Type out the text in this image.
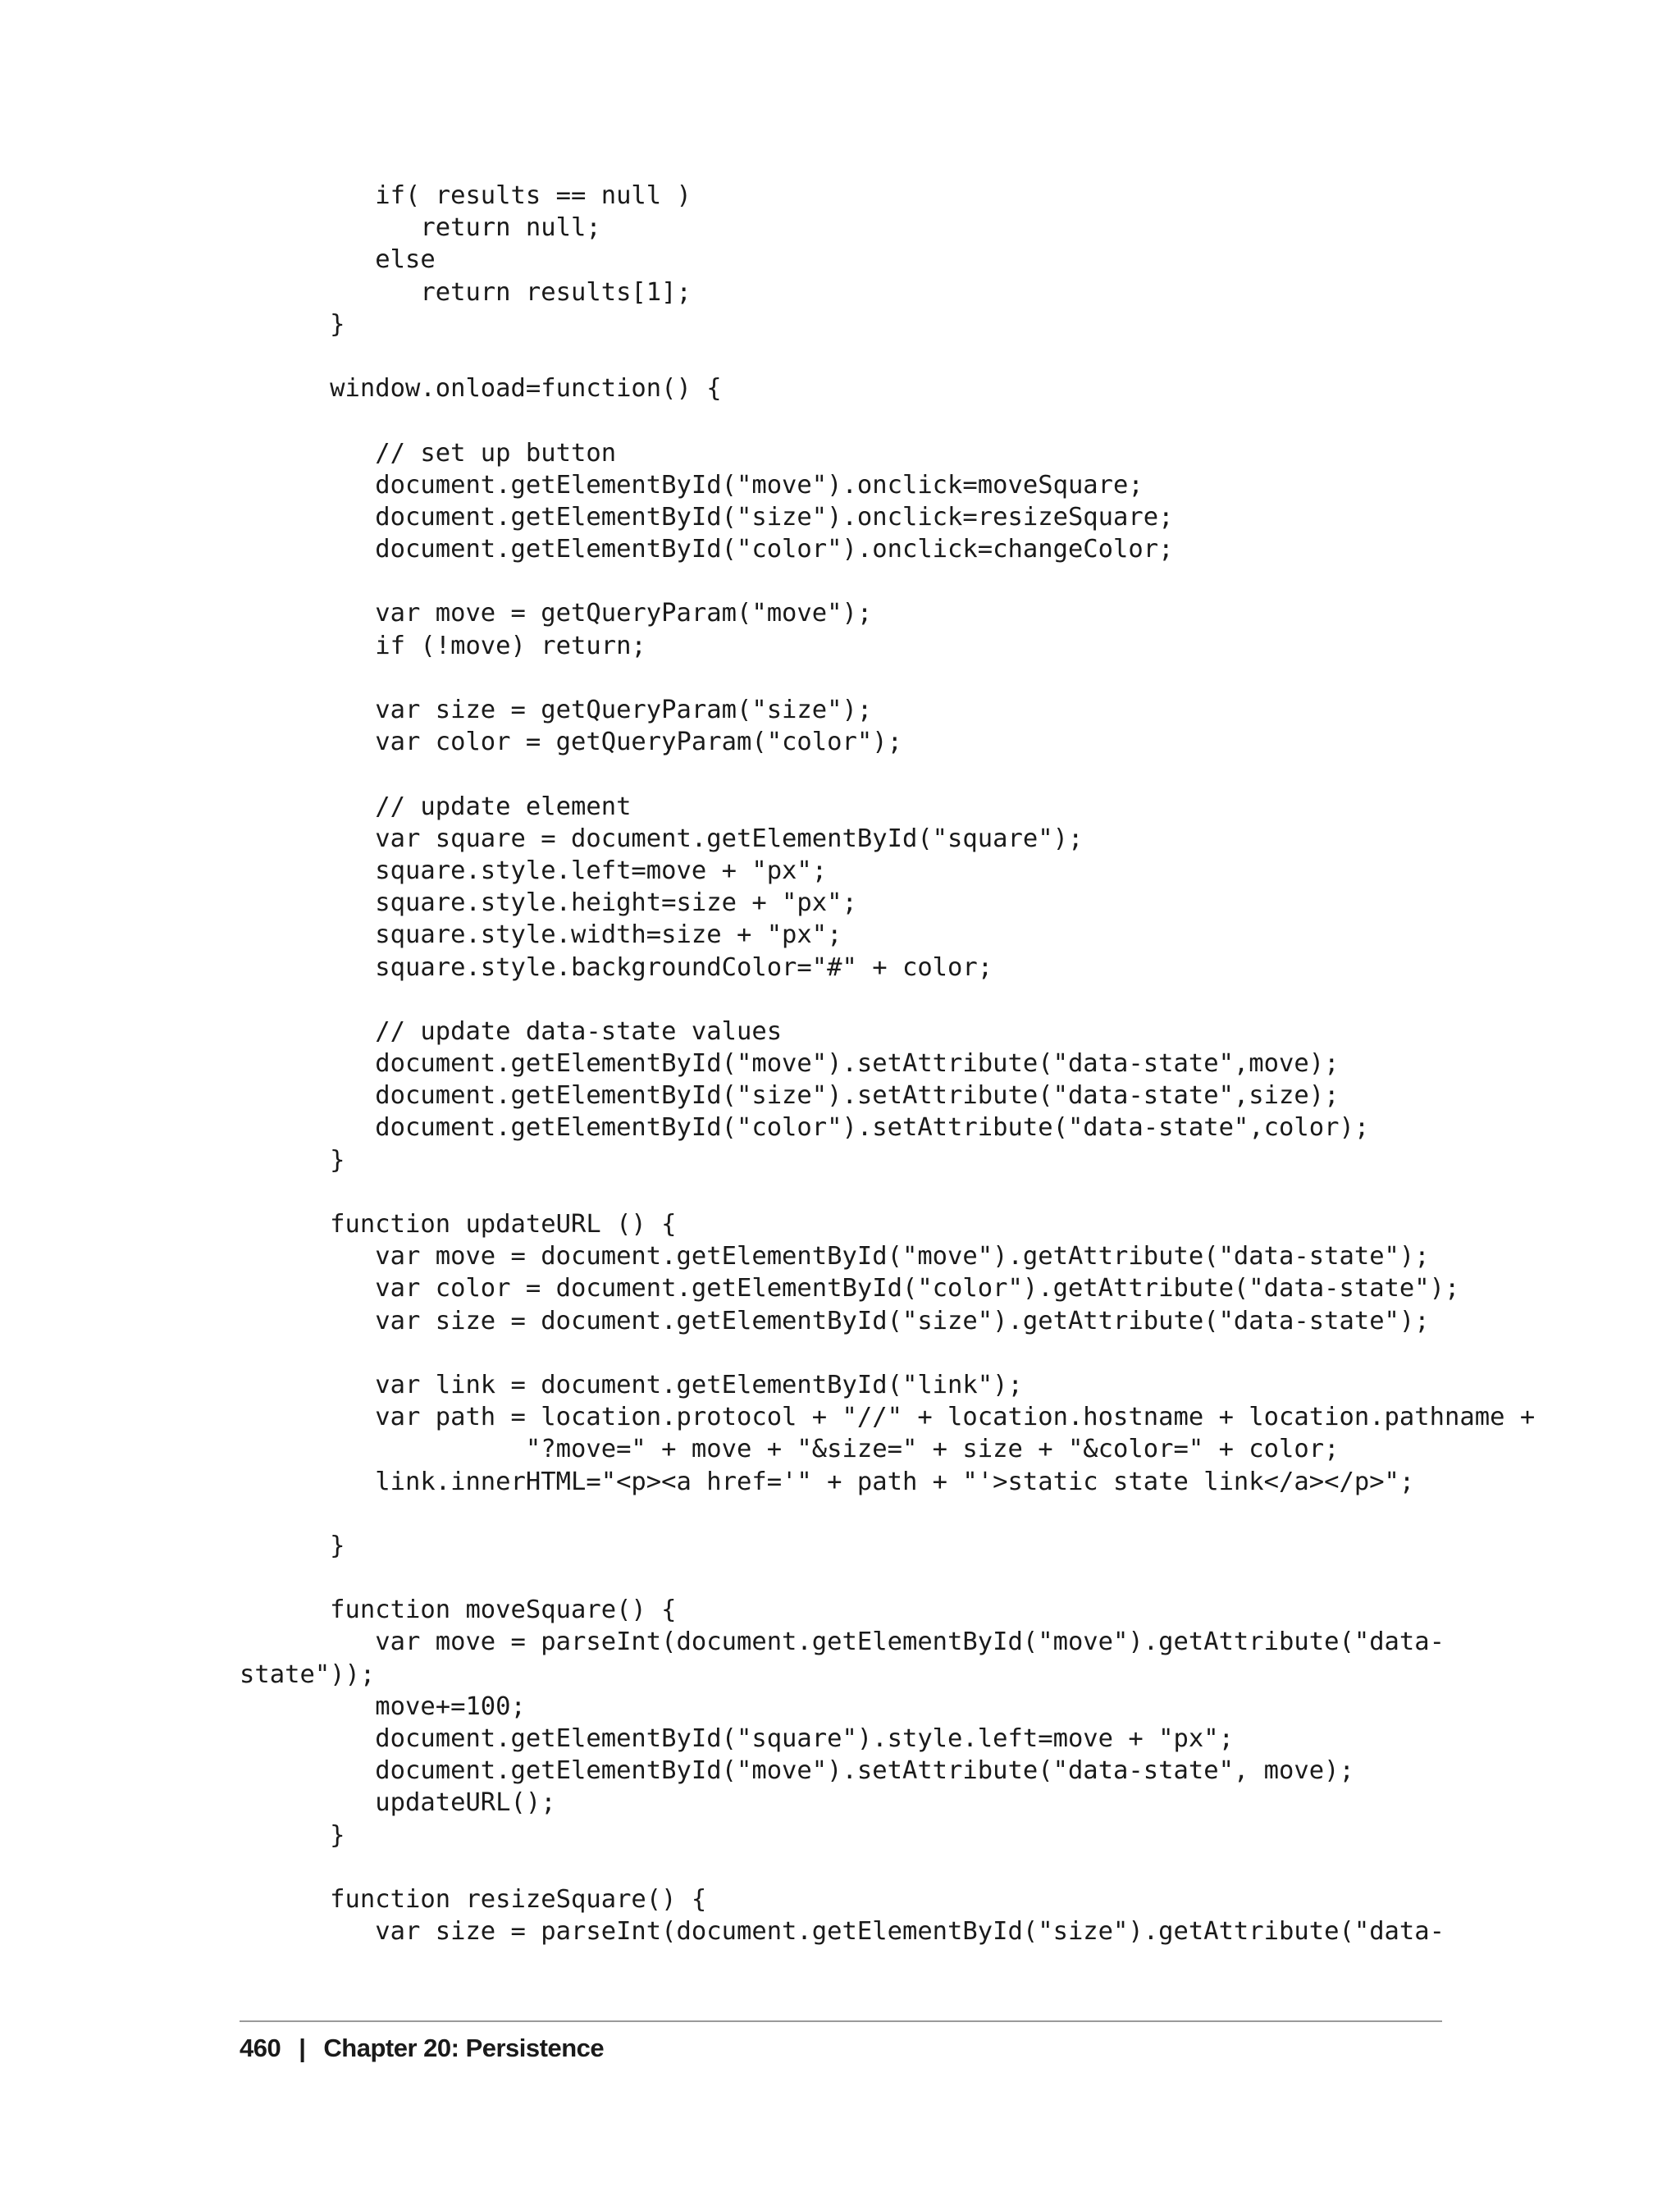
if( results == null )
return null;
else
return results[1];
}
window.onload=function() {
// set up button
document.getElementById("move").onclick=moveSquare;
document.getElementById("size").onclick=resizeSquare;
document.getElementById("color").onclick=changeColor;
var move = getQueryParam("move");
if (!move) return;
var size = getQueryParam("size");
var color = getQueryParam("color");
// update element
var square = document.getElementById("square");
square.style.left=move + "px";
square.style.height=size + "px";
square.style.width=size + "px";
square.style.backgroundColor="#" + color;
// update data-state values
document.getElementById("move").setAttribute("data-state",move);
document.getElementById("size").setAttribute("data-state",size);
document.getElementById("color").setAttribute("data-state",color);
}
function updateURL () {
var move = document.getElementById("move").getAttribute("data-state");
var color = document.getElementById("color").getAttribute("data-state");
var size = document.getElementById("size").getAttribute("data-state");
var link = document.getElementById("link");
var path = location.protocol + "//" + location.hostname + location.pathname +
"?move=" + move + "&size=" + size + "&color=" + color;
link.innerHTML="<p><a href='" + path + "'>static state link</a></p>";
}
function moveSquare() {
var move = parseInt(document.getElementById("move").getAttribute("data-
state"));
move+=100;
document.getElementById("square").style.left=move + "px";
document.getElementById("move").setAttribute("data-state", move);
updateURL();
}
function resizeSquare() {
var size = parseInt(document.getElementById("size").getAttribute("data-
460 | Chapter 20: Persistence
